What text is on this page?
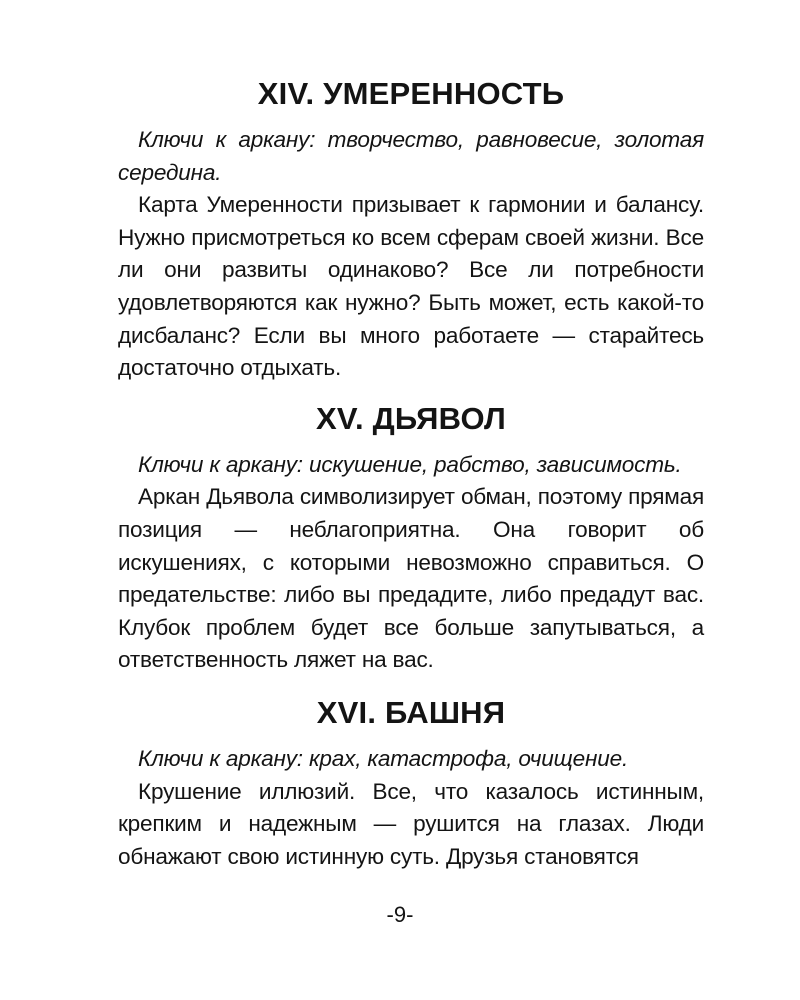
XIV. УМЕРЕННОСТЬ

Ключи к аркану: творчество, равновесие, золотая середина.

Карта Умеренности призывает к гармонии и балансу. Нужно присмотреться ко всем сферам своей жизни. Все ли они развиты одинаково? Все ли потребности удовлетворяются как нужно? Быть может, есть какой-то дисбаланс? Если вы много работаете — старайтесь достаточно отдыхать.

XV. ДЬЯВОЛ

Ключи к аркану: искушение, рабство, зависимость.

Аркан Дьявола символизирует обман, поэтому прямая позиция — неблагоприятна. Она говорит об искушениях, с которыми невозможно справиться. О предательстве: либо вы предадите, либо предадут вас. Клубок проблем будет все больше запутываться, а ответственность ляжет на вас.

XVI. БАШНЯ

Ключи к аркану: крах, катастрофа, очищение.

Крушение иллюзий. Все, что казалось истинным, крепким и надежным — рушится на глазах. Люди обнажают свою истинную суть. Друзья становятся

-9-
